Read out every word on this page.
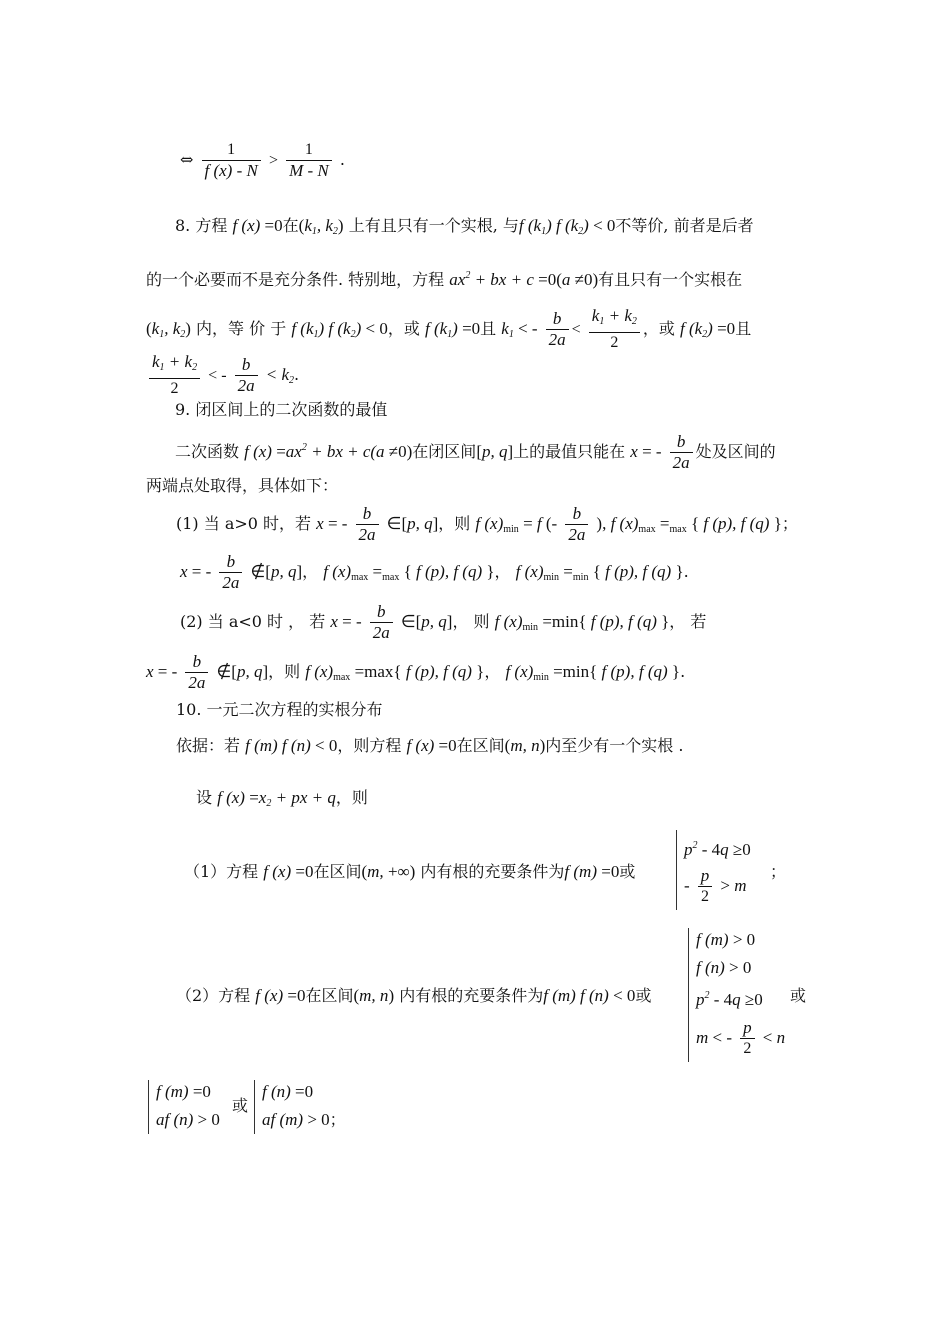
⇔ $\frac{1}{f (x) - N} > \frac{1}{M - N}$ .
8. 方程 f (x) =0在($k_1$, $k_2$) 上有且只有一个实根, 与f $(k_1)$ f $(k_2) < 0$不等价, 前者是后者
的一个必要而不是充分条件. 特别地，方程 $ax^2$ + bx + c =0(a ≠0)有且只有一个实根在
($k_1$, $k_2$) 内，等 价 于 f $(k_1)$ f $(k_2) < 0$，或 f $(k_1) =0$且 $k_1$ < - $\frac{b}{2a} < \frac{k_1 + k_2}{2}$ ，或 f $(k_2) =0$且
$\frac{k_1 + k_2}{2}$ < - $\frac{b}{2a} < k_2$.
9. 闭区间上的二次函数的最值
二次函数 f $(x) =ax^2$ + bx + c(a ≠0)在闭区间[p, q]上的最值只能在 x = - $\frac{b}{2a}$ 处及区间的
两端点处取得，具体如下：
(1) 当 a>0 时，若 x = - $\frac{b}{2a}$ ∈[p, q]，则 f $(x)_{min} = f$ (- $\frac{b}{2a}$ ), f $(x)_{max} =_{max}$ { f (p), f (q) }；
x = - $\frac{b}{2a}$ ∉[p, q]， f $(x)_{max} =_{max}$ { f (p), f (q) }， f $(x)_{min} =_{min}$ { f (p), f (q) }.
(2) 当 a<0 时 ， 若 x = - $\frac{b}{2a}$ ∈[p, q]， 则 f $(x)_{min} =\min${ f (p), f (q) }， 若
x = - $\frac{b}{2a}$ ∉[p, q]，则 f $(x)_{max} =\max${ f (p), f (q) }， f $(x)_{min} =\min${ f (p), f (q) }.
10. 一元二次方程的实根分布
依据：若 f (m) f (n) < 0，则方程 f (x) =0在区间(m, n)内至少有一个实根 .
设 f $(x) =x_2$ + px + q，则
（1）方程 f (x) =0在区间(m, +∞) 内有根的充要条件为f (m) =0或
$p^2 - 4q \ge 0$
- $\frac{p}{2} > m$
；
（2）方程 f (x) =0在区间(m, n) 内有根的充要条件为f (m) f (n) < 0或
f (m) > 0
f (n) > 0
$p^2 - 4q \ge 0$
m < - $\frac{p}{2} < n$
或
f (m) =0
af (n) > 0
或
f (n) =0
af (m) > 0；
